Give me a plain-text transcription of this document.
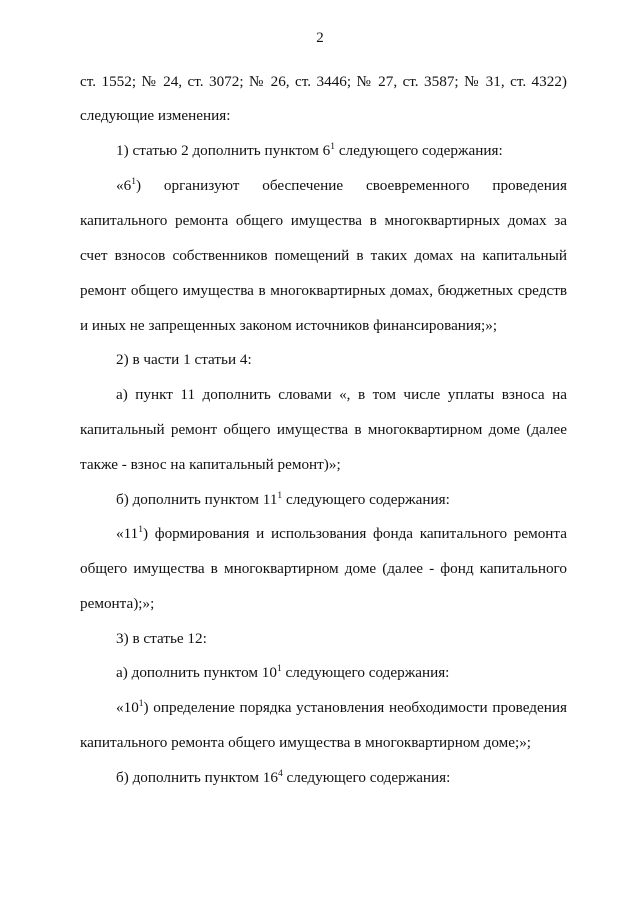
2
ст. 1552; № 24, ст. 3072; № 26, ст. 3446; № 27, ст. 3587; № 31, ст. 4322)
следующие изменения:
1) статью 2 дополнить пунктом $6^1$ следующего содержания:
«$6^1$) организуют обеспечение своевременного проведения
капитального ремонта общего имущества в многоквартирных домах за
счет взносов собственников помещений в таких домах на капитальный
ремонт общего имущества в многоквартирных домах, бюджетных средств
и иных не запрещенных законом источников финансирования;»;
2) в части 1 статьи 4:
а) пункт 11 дополнить словами «, в том числе уплаты взноса на
капитальный ремонт общего имущества в многоквартирном доме (далее
также - взнос на капитальный ремонт)»;
б) дополнить пунктом $11^1$ следующего содержания:
«$11^1$) формирования и использования фонда капитального ремонта
общего имущества в многоквартирном доме (далее - фонд капитального
ремонта);»;
3) в статье 12:
а) дополнить пунктом $10^1$ следующего содержания:
«$10^1$) определение порядка установления необходимости проведения
капитального ремонта общего имущества в многоквартирном доме;»;
б) дополнить пунктом $16^4$ следующего содержания:
